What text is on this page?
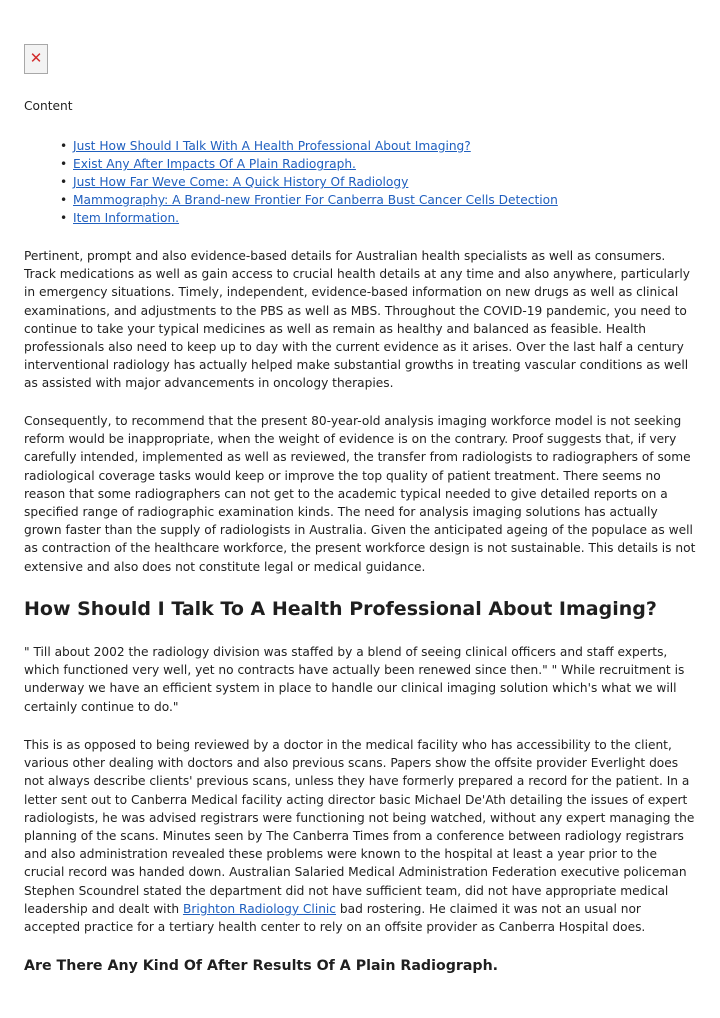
✕
Content
• Just How Should I Talk With A Health Professional About Imaging?
• Exist Any After Impacts Of A Plain Radiograph.
• Just How Far Weve Come: A Quick History Of Radiology
• Mammography: A Brand-new Frontier For Canberra Bust Cancer Cells Detection
• Item Information.

Pertinent, prompt and also evidence-based details for Australian health specialists as well as consumers. Track medications as well as gain access to crucial health details at any time and also anywhere, particularly in emergency situations. Timely, independent, evidence-based information on new drugs as well as clinical examinations, and adjustments to the PBS as well as MBS. Throughout the COVID-19 pandemic, you need to continue to take your typical medicines as well as remain as healthy and balanced as feasible. Health professionals also need to keep up to day with the current evidence as it arises. Over the last half a century interventional radiology has actually helped make substantial growths in treating vascular conditions as well as assisted with major advancements in oncology therapies.

Consequently, to recommend that the present 80-year-old analysis imaging workforce model is not seeking reform would be inappropriate, when the weight of evidence is on the contrary. Proof suggests that, if very carefully intended, implemented as well as reviewed, the transfer from radiologists to radiographers of some radiological coverage tasks would keep or improve the top quality of patient treatment. There seems no reason that some radiographers can not get to the academic typical needed to give detailed reports on a specified range of radiographic examination kinds. The need for analysis imaging solutions has actually grown faster than the supply of radiologists in Australia. Given the anticipated ageing of the populace as well as contraction of the healthcare workforce, the present workforce design is not sustainable. This details is not extensive and also does not constitute legal or medical guidance.

How Should I Talk To A Health Professional About Imaging?

" Till about 2002 the radiology division was staffed by a blend of seeing clinical officers and staff experts, which functioned very well, yet no contracts have actually been renewed since then." " While recruitment is underway we have an efficient system in place to handle our clinical imaging solution which's what we will certainly continue to do."

This is as opposed to being reviewed by a doctor in the medical facility who has accessibility to the client, various other dealing with doctors and also previous scans. Papers show the offsite provider Everlight does not always describe clients' previous scans, unless they have formerly prepared a record for the patient. In a letter sent out to Canberra Medical facility acting director basic Michael De'Ath detailing the issues of expert radiologists, he was advised registrars were functioning not being watched, without any expert managing the planning of the scans. Minutes seen by The Canberra Times from a conference between radiology registrars and also administration revealed these problems were known to the hospital at least a year prior to the crucial record was handed down. Australian Salaried Medical Administration Federation executive policeman Stephen Scoundrel stated the department did not have sufficient team, did not have appropriate medical leadership and dealt with Brighton Radiology Clinic bad rostering. He claimed it was not an usual nor accepted practice for a tertiary health center to rely on an offsite provider as Canberra Hospital does.

Are There Any Kind Of After Results Of A Plain Radiograph.
